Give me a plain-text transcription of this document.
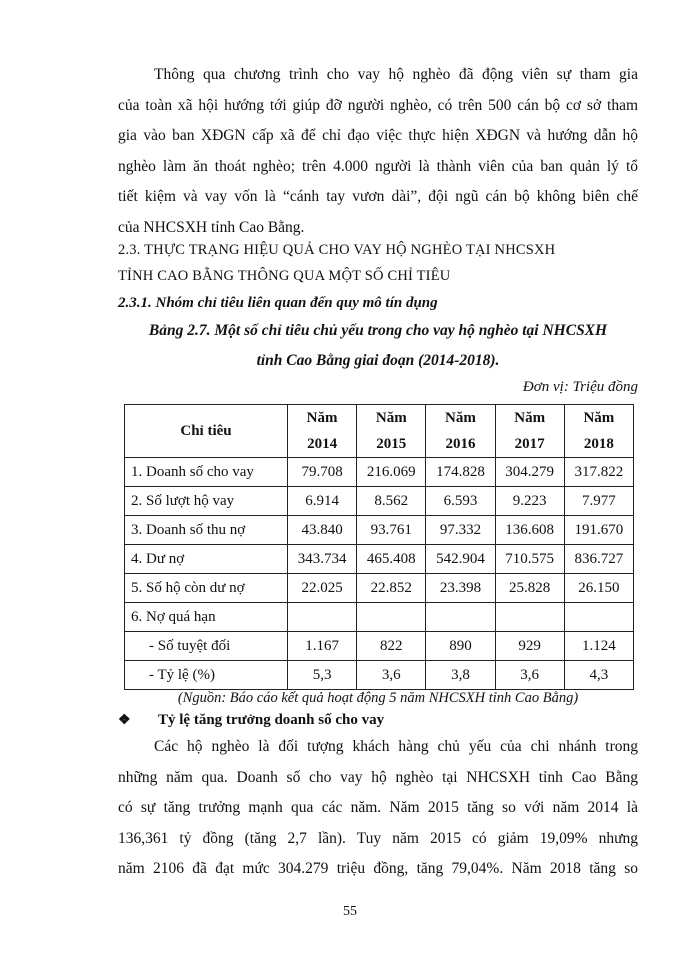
Thông qua chương trình cho vay hộ nghèo đã động viên sự tham gia
của toàn xã hội hướng tới giúp đỡ người nghèo, có trên 500 cán bộ cơ sở tham
gia vào ban XĐGN cấp xã để chỉ đạo việc thực hiện XĐGN và hướng dẫn hộ
nghèo làm ăn thoát nghèo; trên 4.000 người là thành viên của ban quản lý tổ
tiết kiệm và vay vốn là “cánh tay vươn dài”, đội ngũ cán bộ không biên chế
của NHCSXH tỉnh Cao Bằng.

2.3. THỰC TRẠNG HIỆU QUẢ CHO VAY HỘ NGHÈO TẠI NHCSXH
TỈNH CAO BẰNG THÔNG QUA MỘT SỐ CHỈ TIÊU
2.3.1. Nhóm chỉ tiêu liên quan đến quy mô tín dụng

Bảng 2.7. Một số chỉ tiêu chủ yếu trong cho vay hộ nghèo tại NHCSXH
tỉnh Cao Bằng giai đoạn (2014-2018).

Đơn vị: Triệu đồng

Chỉ tiêu	Năm	Năm	Năm	Năm	Năm
	2014	2015	2016	2017	2018
1. Doanh số cho vay	79.708	216.069	174.828	304.279	317.822
2. Số lượt hộ vay	6.914	8.562	6.593	9.223	7.977
3. Doanh số thu nợ	43.840	93.761	97.332	136.608	191.670
4. Dư nợ	343.734	465.408	542.904	710.575	836.727
5. Số hộ còn dư nợ	22.025	22.852	23.398	25.828	26.150
6. Nợ quá hạn					
- Số tuyệt đối	1.167	822	890	929	1.124
- Tỷ lệ (%)	5,3	3,6	3,8	3,6	4,3

(Nguồn: Báo cáo kết quả hoạt động 5 năm NHCSXH tỉnh Cao Bằng)

❖ Tỷ lệ tăng trưởng doanh số cho vay

Các hộ nghèo là đối tượng khách hàng chủ yếu của chi nhánh trong
những năm qua. Doanh số cho vay hộ nghèo tại NHCSXH tỉnh Cao Bằng
có sự tăng trưởng mạnh qua các năm. Năm 2015 tăng so với năm 2014 là
136,361 tỷ đồng (tăng 2,7 lần). Tuy năm 2015 có giảm 19,09% nhưng
năm 2106 đã đạt mức 304.279 triệu đồng, tăng 79,04%. Năm 2018 tăng so

55
